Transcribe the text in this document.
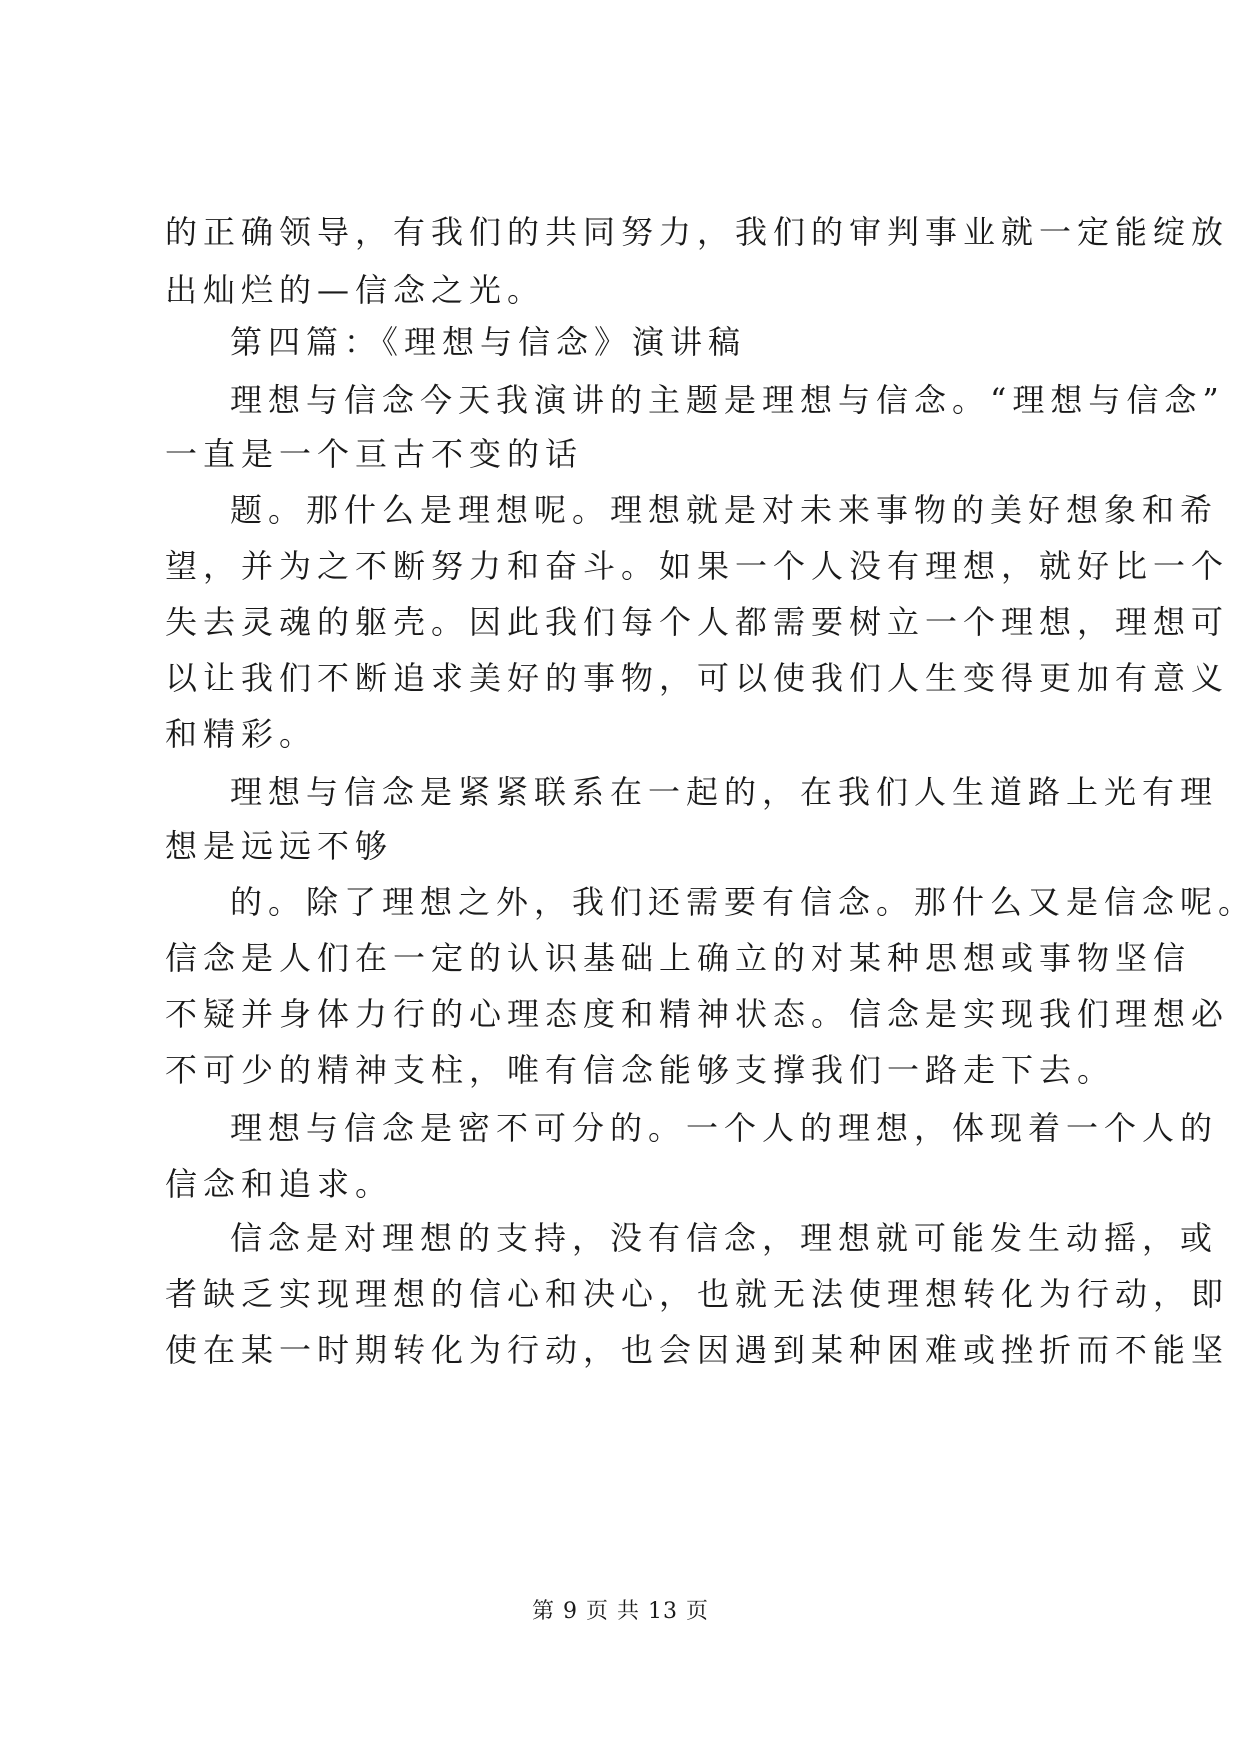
的正确领导，有我们的共同努力，我们的审判事业就一定能绽放
出灿烂的—信念之光。
第四篇：《理想与信念》演讲稿
理想与信念今天我演讲的主题是理想与信念。“理想与信念”
一直是一个亘古不变的话
题。那什么是理想呢。理想就是对未来事物的美好想象和希
望，并为之不断努力和奋斗。如果一个人没有理想，就好比一个
失去灵魂的躯壳。因此我们每个人都需要树立一个理想，理想可
以让我们不断追求美好的事物，可以使我们人生变得更加有意义
和精彩。
理想与信念是紧紧联系在一起的，在我们人生道路上光有理
想是远远不够
的。除了理想之外，我们还需要有信念。那什么又是信念呢。
信念是人们在一定的认识基础上确立的对某种思想或事物坚信
不疑并身体力行的心理态度和精神状态。信念是实现我们理想必
不可少的精神支柱，唯有信念能够支撑我们一路走下去。
理想与信念是密不可分的。一个人的理想，体现着一个人的
信念和追求。
信念是对理想的支持，没有信念，理想就可能发生动摇，或
者缺乏实现理想的信心和决心，也就无法使理想转化为行动，即
使在某一时期转化为行动，也会因遇到某种困难或挫折而不能坚
第 9 页 共 13 页
